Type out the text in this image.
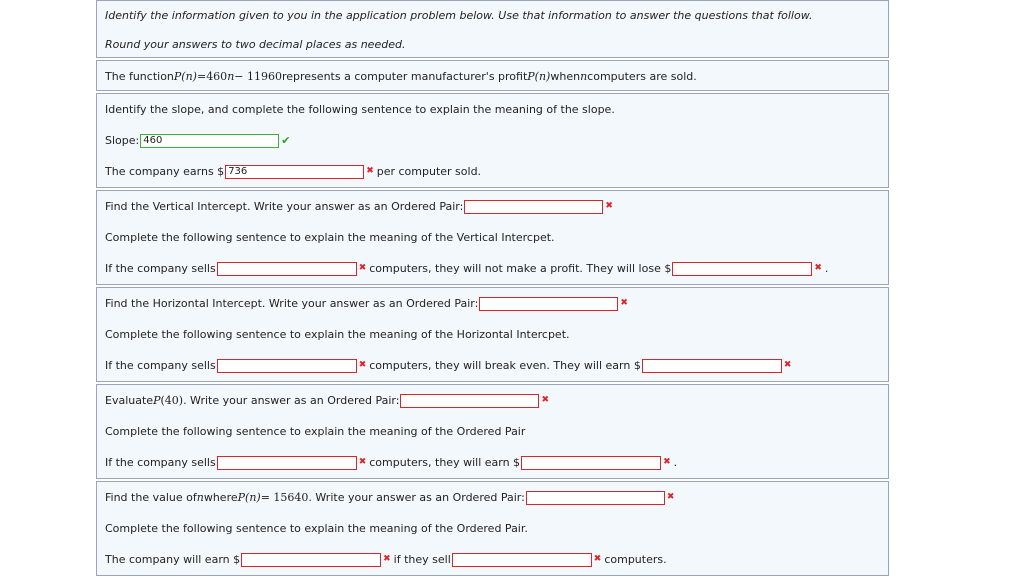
Identify the information given to you in the application problem below. Use that information to answer the questions that follow.
Round your answers to two decimal places as needed.
The function P(n) = 460 n − 11960 represents a computer manufacturer's profit P(n) when n computers are sold.
Identify the slope, and complete the following sentence to explain the meaning of the slope.
Slope:
460	✔
The company earns $
736	✖ per computer sold.
Find the Vertical Intercept. Write your answer as an Ordered Pair:	✖
Complete the following sentence to explain the meaning of the Vertical Intercpet.
If the company sells	✖ computers, they will not make a profit. They will lose $	✖ .
Find the Horizontal Intercept. Write your answer as an Ordered Pair:	✖
Complete the following sentence to explain the meaning of the Horizontal Intercpet.
If the company sells	✖ computers, they will break even. They will earn $	✖
Evaluate P (40) . Write your answer as an Ordered Pair:	✖
Complete the following sentence to explain the meaning of the Ordered Pair
If the company sells	✖ computers, they will earn $	✖ .
Find the value of n where P(n) = 15640 . Write your answer as an Ordered Pair:	✖
Complete the following sentence to explain the meaning of the Ordered Pair.
The company will earn $	✖ if they sell	✖ computers.
